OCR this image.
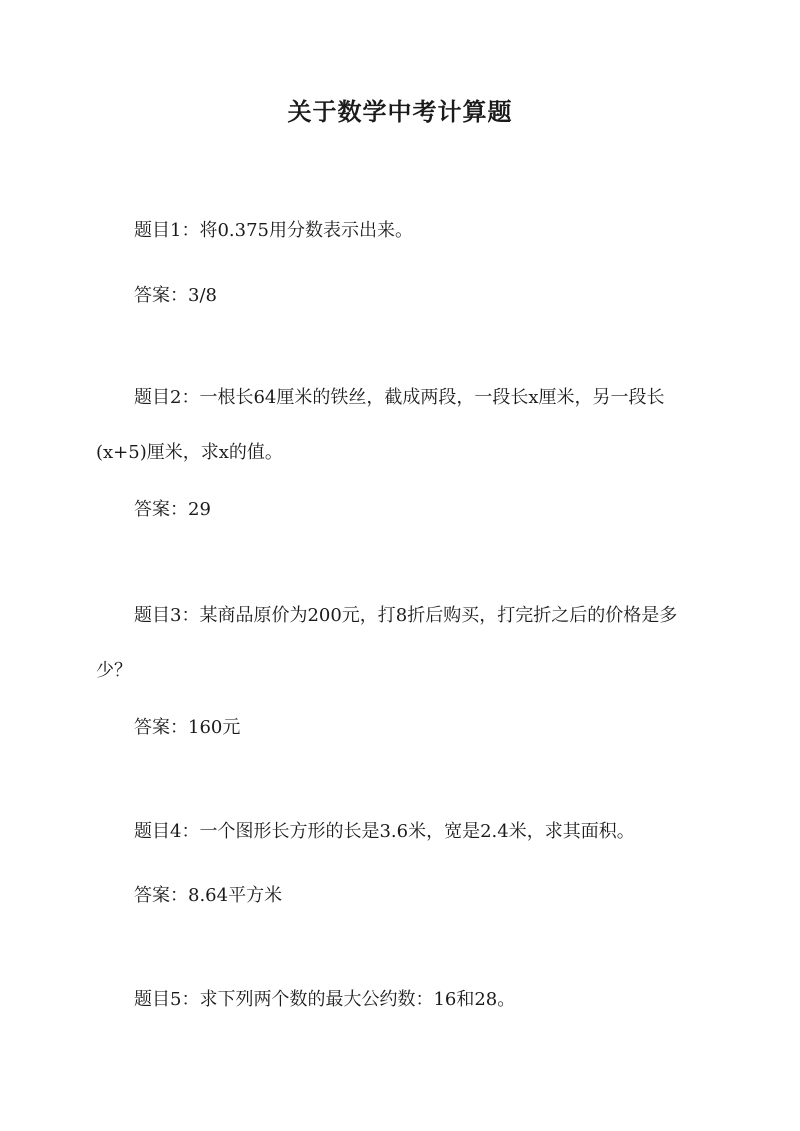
关于数学中考计算题

题目1：将0.375用分数表示出来。

答案：3/8

题目2：一根长64厘米的铁丝，截成两段，一段长x厘米，另一段长(x+5)厘米，求x的值。

答案：29

题目3：某商品原价为200元，打8折后购买，打完折之后的价格是多少？

答案：160元

题目4：一个图形长方形的长是3.6米，宽是2.4米，求其面积。

答案：8.64平方米

题目5：求下列两个数的最大公约数：16和28。
